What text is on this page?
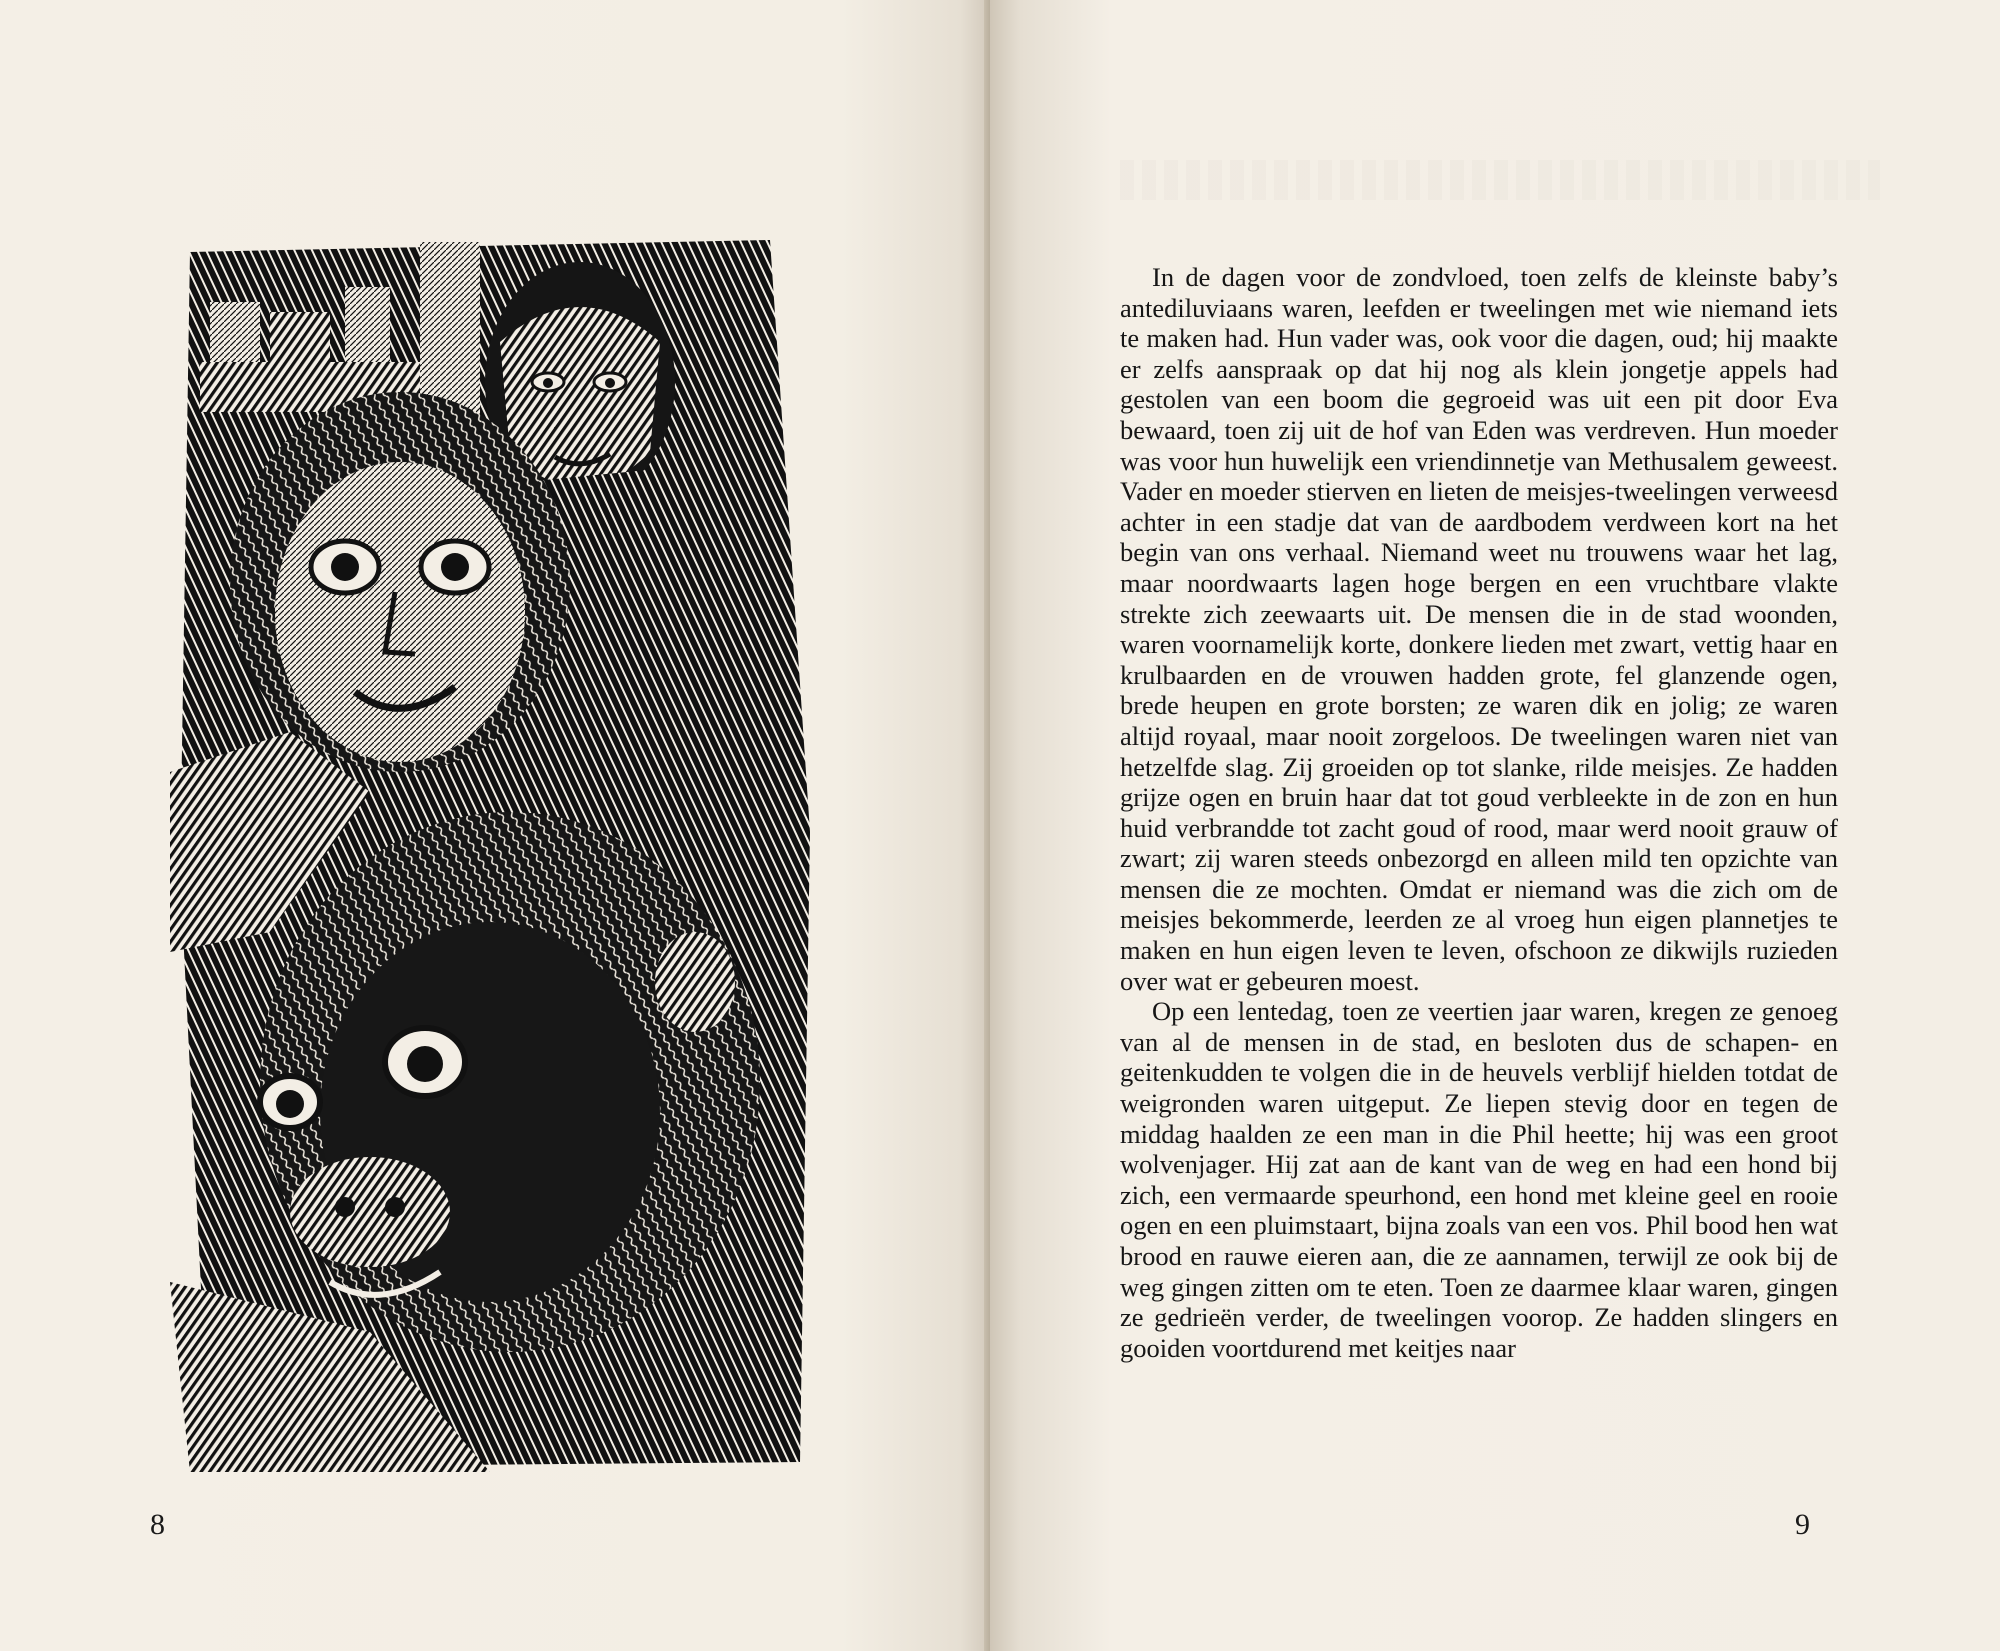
8

In de dagen voor de zondvloed, toen zelfs de kleinste baby’s antediluviaans waren, leefden er tweelingen met wie niemand iets te maken had. Hun vader was, ook voor die dagen, oud; hij maakte er zelfs aanspraak op dat hij nog als klein jongetje appels had gestolen van een boom die gegroeid was uit een pit door Eva bewaard, toen zij uit de hof van Eden was verdreven. Hun moeder was voor hun huwelijk een vriendinnetje van Methusalem geweest. Vader en moeder stierven en lieten de meisjes-tweelingen verweesd achter in een stadje dat van de aardbodem verdween kort na het begin van ons verhaal. Niemand weet nu trouwens waar het lag, maar noordwaarts lagen hoge bergen en een vruchtbare vlakte strekte zich zeewaarts uit. De mensen die in de stad woonden, waren voornamelijk korte, donkere lieden met zwart, vettig haar en krulbaarden en de vrouwen hadden grote, fel glanzende ogen, brede heupen en grote borsten; ze waren dik en jolig; ze waren altijd royaal, maar nooit zorgeloos. De tweelingen waren niet van hetzelfde slag. Zij groeiden op tot slanke, rilde meisjes. Ze hadden grijze ogen en bruin haar dat tot goud verbleekte in de zon en hun huid verbrandde tot zacht goud of rood, maar werd nooit grauw of zwart; zij waren steeds onbezorgd en alleen mild ten opzichte van mensen die ze mochten. Omdat er niemand was die zich om de meisjes bekommerde, leerden ze al vroeg hun eigen plannetjes te maken en hun eigen leven te leven, ofschoon ze dikwijls ruzieden over wat er gebeuren moest.

Op een lentedag, toen ze veertien jaar waren, kregen ze genoeg van al de mensen in de stad, en besloten dus de schapen- en geitenkudden te volgen die in de heuvels verblijf hielden totdat de weigronden waren uitgeput. Ze liepen stevig door en tegen de middag haalden ze een man in die Phil heette; hij was een groot wolvenjager. Hij zat aan de kant van de weg en had een hond bij zich, een vermaarde speurhond, een hond met kleine geel en rooie ogen en een pluimstaart, bijna zoals van een vos. Phil bood hen wat brood en rauwe eieren aan, die ze aannamen, terwijl ze ook bij de weg gingen zitten om te eten. Toen ze daarmee klaar waren, gingen ze gedrieën verder, de tweelingen voorop. Ze hadden slingers en gooiden voortdurend met keitjes naar

9
